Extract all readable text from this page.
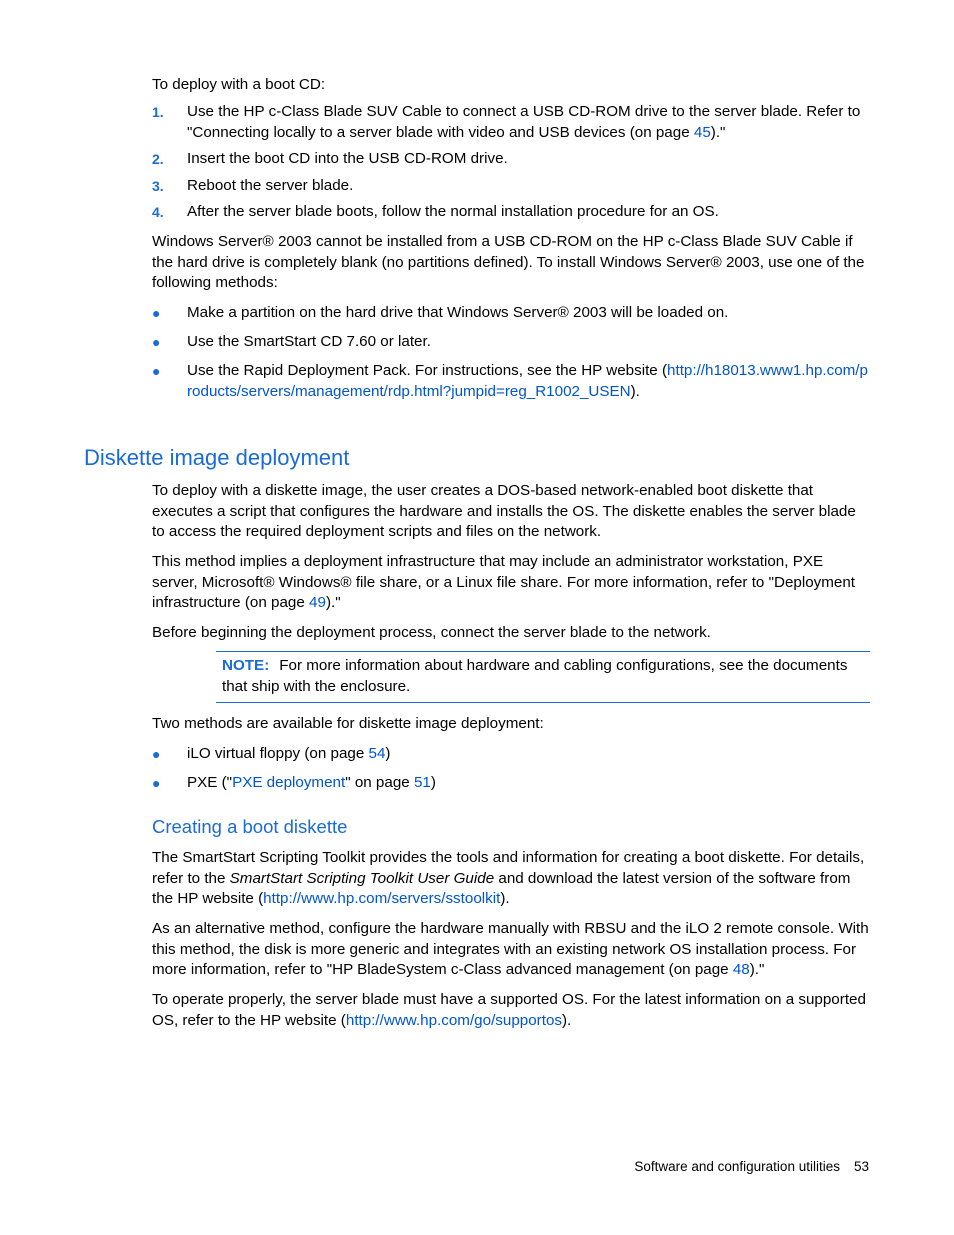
To deploy with a boot CD:

1. Use the HP c-Class Blade SUV Cable to connect a USB CD-ROM drive to the server blade. Refer to "Connecting locally to a server blade with video and USB devices (on page 45)."
2. Insert the boot CD into the USB CD-ROM drive.
3. Reboot the server blade.
4. After the server blade boots, follow the normal installation procedure for an OS.

Windows Server® 2003 cannot be installed from a USB CD-ROM on the HP c-Class Blade SUV Cable if the hard drive is completely blank (no partitions defined). To install Windows Server® 2003, use one of the following methods:

● Make a partition on the hard drive that Windows Server® 2003 will be loaded on.
● Use the SmartStart CD 7.60 or later.
● Use the Rapid Deployment Pack. For instructions, see the HP website (http://h18013.www1.hp.com/products/servers/management/rdp.html?jumpid=reg_R1002_USEN).
Diskette image deployment

To deploy with a diskette image, the user creates a DOS-based network-enabled boot diskette that executes a script that configures the hardware and installs the OS. The diskette enables the server blade to access the required deployment scripts and files on the network.

This method implies a deployment infrastructure that may include an administrator workstation, PXE server, Microsoft® Windows® file share, or a Linux file share. For more information, refer to "Deployment infrastructure (on page 49)."

Before beginning the deployment process, connect the server blade to the network.

NOTE: For more information about hardware and cabling configurations, see the documents that ship with the enclosure.

Two methods are available for diskette image deployment:

● iLO virtual floppy (on page 54)
● PXE ("PXE deployment" on page 51)
Creating a boot diskette

The SmartStart Scripting Toolkit provides the tools and information for creating a boot diskette. For details, refer to the SmartStart Scripting Toolkit User Guide and download the latest version of the software from the HP website (http://www.hp.com/servers/sstoolkit).

As an alternative method, configure the hardware manually with RBSU and the iLO 2 remote console. With this method, the disk is more generic and integrates with an existing network OS installation process. For more information, refer to "HP BladeSystem c-Class advanced management (on page 48)."

To operate properly, the server blade must have a supported OS. For the latest information on a supported OS, refer to the HP website (http://www.hp.com/go/supportos).

Software and configuration utilities 53
